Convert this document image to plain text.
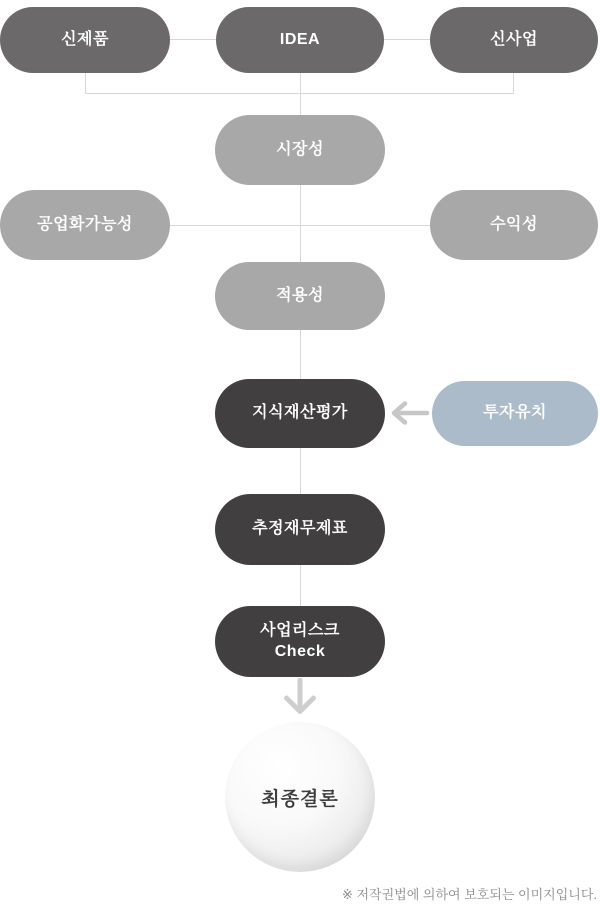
신제품	IDEA	신사업
시장성
공업화가능성	수익성
적용성
지식재산평가	투자유치
추정재무제표
사업리스크
Check
최종결론
※ 저작권법에 의하여 보호되는 이미지입니다.
